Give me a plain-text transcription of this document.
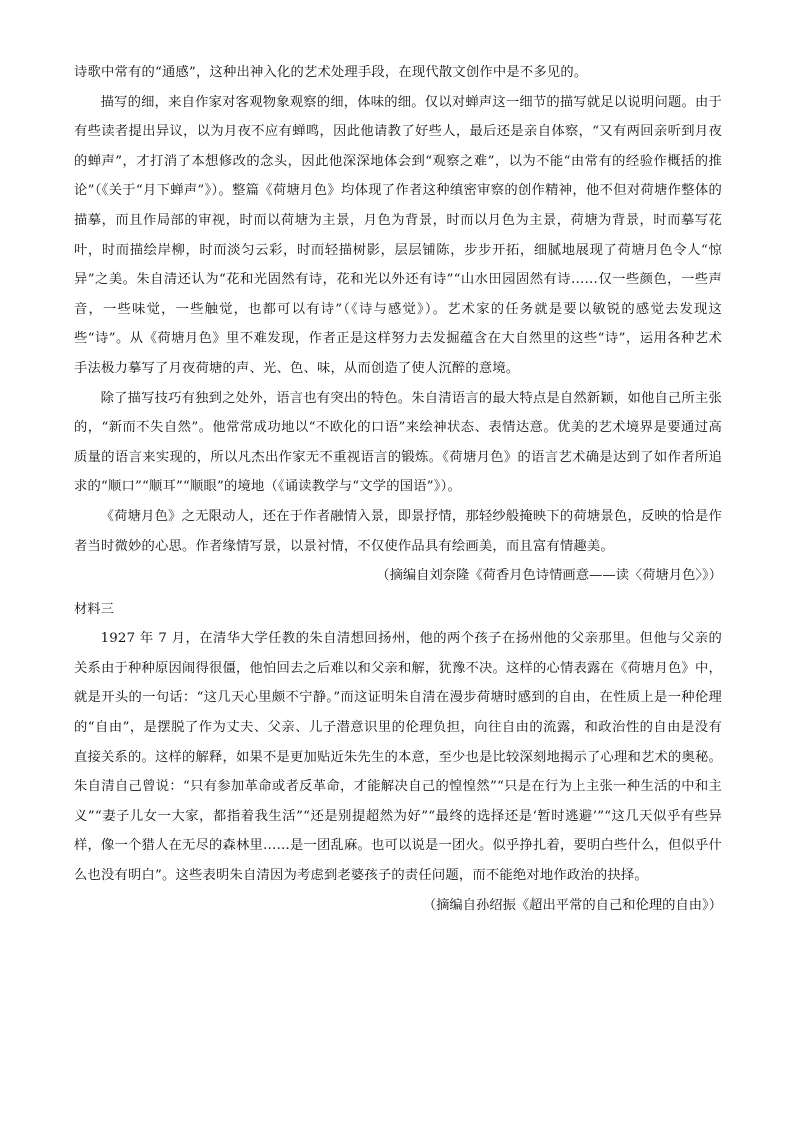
诗歌中常有的“通感”，这种出神入化的艺术处理手段，在现代散文创作中是不多见的。

描写的细，来自作家对客观物象观察的细，体味的细。仅以对蝉声这一细节的描写就足以说明问题。由于有些读者提出异议，以为月夜不应有蝉鸣，因此他请教了好些人，最后还是亲自体察，“又有两回亲听到月夜的蝉声”，才打消了本想修改的念头，因此他深深地体会到“观察之难”，以为不能“由常有的经验作概括的推论”（《关于“月下蝉声”》）。整篇《荷塘月色》均体现了作者这种缜密审察的创作精神，他不但对荷塘作整体的描摹，而且作局部的审视，时而以荷塘为主景，月色为背景，时而以月色为主景，荷塘为背景，时而摹写花叶，时而描绘岸柳，时而淡匀云彩，时而轻描树影，层层铺陈，步步开拓，细腻地展现了荷塘月色令人“惊异”之美。朱自清还认为“花和光固然有诗，花和光以外还有诗”“山水田园固然有诗……仅一些颜色，一些声音，一些味觉，一些触觉，也都可以有诗”（《诗与感觉》）。艺术家的任务就是要以敏锐的感觉去发现这些“诗”。从《荷塘月色》里不难发现，作者正是这样努力去发掘蕴含在大自然里的这些“诗”，运用各种艺术手法极力摹写了月夜荷塘的声、光、色、味，从而创造了使人沉醉的意境。

除了描写技巧有独到之处外，语言也有突出的特色。朱自清语言的最大特点是自然新颖，如他自己所主张的，“新而不失自然”。他常常成功地以“不欧化的口语”来绘神状态、表情达意。优美的艺术境界是要通过高质量的语言来实现的，所以凡杰出作家无不重视语言的锻炼。《荷塘月色》的语言艺术确是达到了如作者所追求的“顺口”“顺耳”“顺眼”的境地（《诵读教学与“文学的国语”》）。

《荷塘月色》之无限动人，还在于作者融情入景，即景抒情，那轻纱般掩映下的荷塘景色，反映的恰是作者当时微妙的心思。作者缘情写景，以景衬情，不仅使作品具有绘画美，而且富有情趣美。

（摘编自刘奈隆《荷香月色诗情画意——读〈荷塘月色〉》）

材料三

1927 年 7 月，在清华大学任教的朱自清想回扬州，他的两个孩子在扬州他的父亲那里。但他与父亲的关系由于种种原因闹得很僵，他怕回去之后难以和父亲和解，犹豫不决。这样的心情表露在《荷塘月色》中，就是开头的一句话：“这几天心里颇不宁静。”而这证明朱自清在漫步荷塘时感到的自由，在性质上是一种伦理的“自由”，是摆脱了作为丈夫、父亲、儿子潜意识里的伦理负担，向往自由的流露，和政治性的自由是没有直接关系的。这样的解释，如果不是更加贴近朱先生的本意，至少也是比较深刻地揭示了心理和艺术的奥秘。朱自清自己曾说：“只有参加革命或者反革命，才能解决自己的惶惶然”“只是在行为上主张一种生活的中和主义”“妻子儿女一大家，都指着我生活”“还是别提超然为好”“最终的选择还是‘暂时逃避’”“这几天似乎有些异样，像一个猎人在无尽的森林里……是一团乱麻。也可以说是一团火。似乎挣扎着，要明白些什么，但似乎什么也没有明白”。这些表明朱自清因为考虑到老婆孩子的责任问题，而不能绝对地作政治的抉择。

（摘编自孙绍振《超出平常的自己和伦理的自由》）
